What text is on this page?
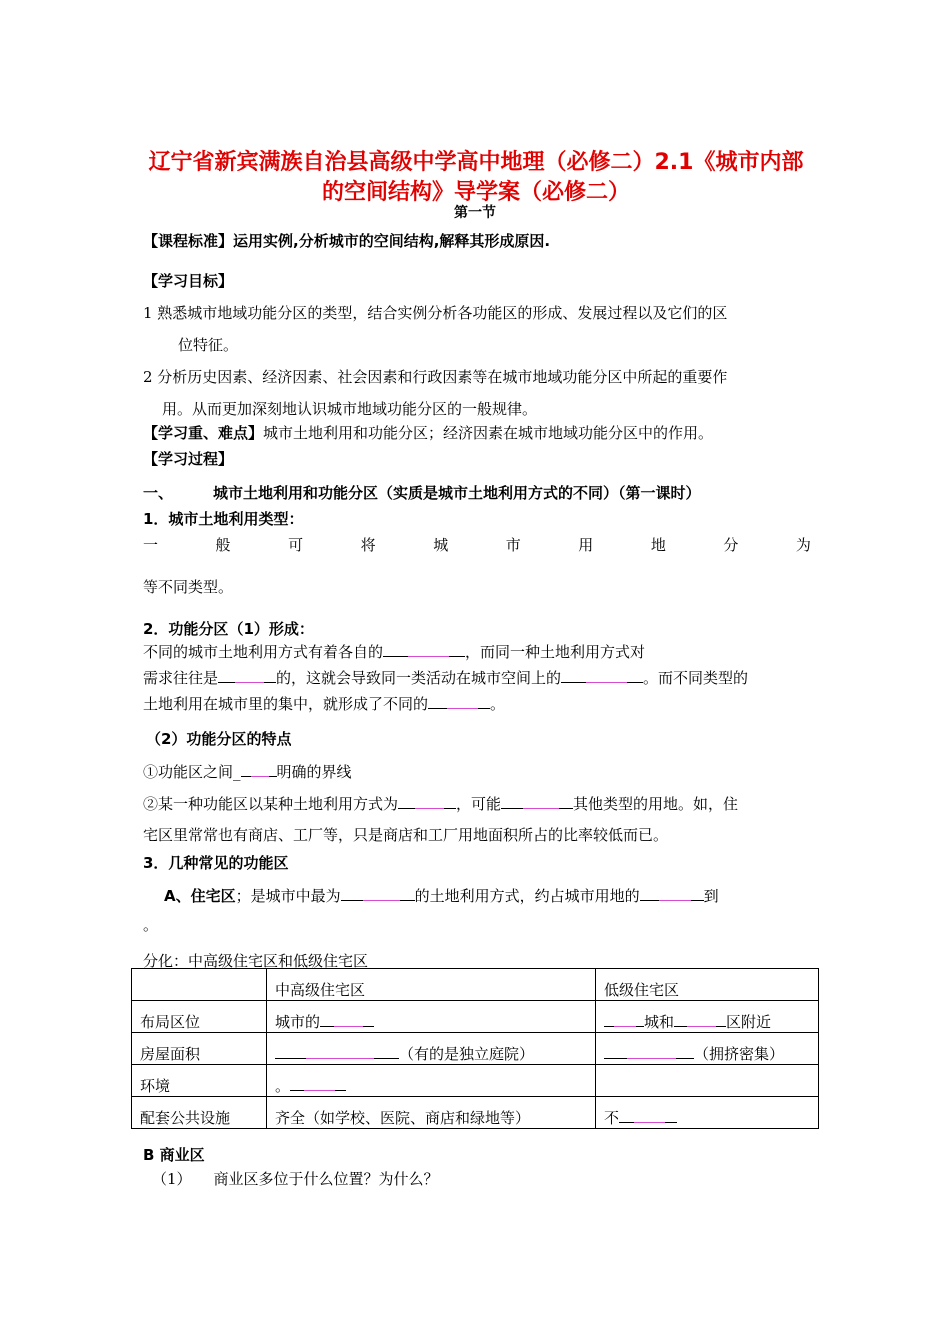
辽宁省新宾满族自治县高级中学高中地理（必修二）2.1《城市内部的空间结构》导学案（必修二）
第一节
【课程标准】运用实例,分析城市的空间结构,解释其形成原因.
【学习目标】
1 熟悉城市地域功能分区的类型，结合实例分析各功能区的形成、发展过程以及它们的区
位特征。
2 分析历史因素、经济因素、社会因素和行政因素等在城市地域功能分区中所起的重要作
用。从而更加深刻地认识城市地域功能分区的一般规律。
【学习重、难点】城市土地利用和功能分区；经济因素在城市地域功能分区中的作用。
【学习过程】
一、	城市土地利用和功能分区（实质是城市土地利用方式的不同）（第一课时）
1．城市土地利用类型：
一	般	可	将	城	市	用	地	分	为
等不同类型。
2．功能分区（1）形成：
不同的城市土地利用方式有着各自的	，而同一种土地利用方式对
需求往往是	的，这就会导致同一类活动在城市空间上的	。而不同类型的
土地利用在城市里的集中，就形成了不同的	。
（2）功能分区的特点
①功能区之间_ 明确的界线
②某一种功能区以某种土地利用方式为	，可能	其他类型的用地。如，住
宅区里常常也有商店、工厂等，只是商店和工厂用地面积所占的比率较低而已。
3．几种常见的功能区
A、住宅区；是城市中最为	的土地利用方式，约占城市用地的	到
。
分化：中高级住宅区和低级住宅区
	中高级住宅区	低级住宅区
布局区位	城市的	城和 区附近
房屋面积	（有的是独立庭院）	（拥挤密集）
环境	。	
配套公共设施	齐全（如学校、医院、商店和绿地等）	不
B 商业区
（1） 商业区多位于什么位置？为什么？
